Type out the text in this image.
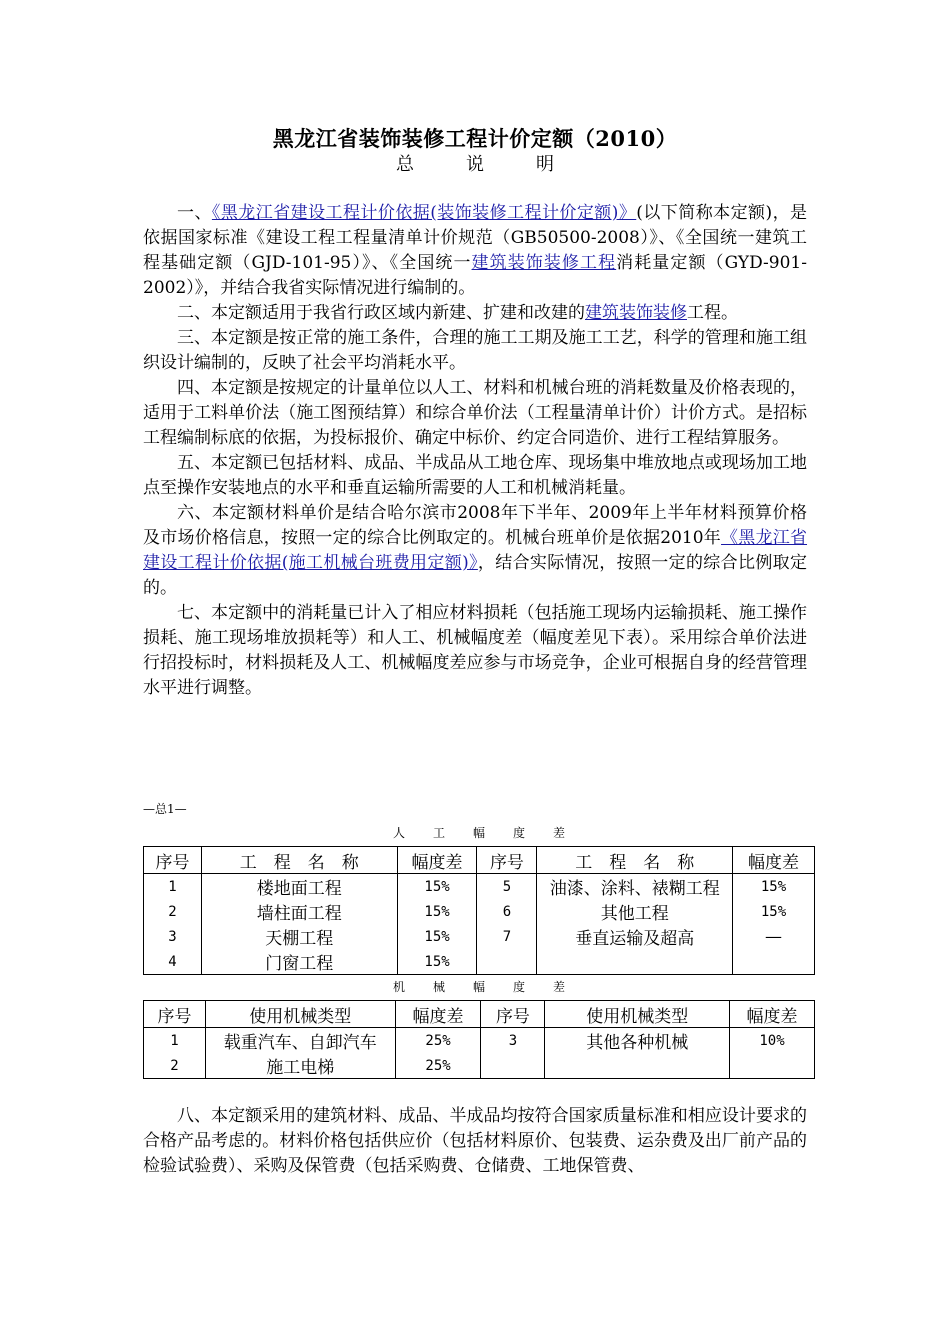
黑龙江省装饰装修工程计价定额（2010）
总说明

一、《黑龙江省建设工程计价依据(装饰装修工程计价定额)》(以下简称本定额)，是依据国家标准《建设工程工程量清单计价规范（GB50500-2008）》、《全国统一建筑工程基础定额（GJD-101-95）》、《全国统一建筑装饰装修工程消耗量定额（GYD-901-2002）》，并结合我省实际情况进行编制的。

二、本定额适用于我省行政区域内新建、扩建和改建的建筑装饰装修工程。

三、本定额是按正常的施工条件，合理的施工工期及施工工艺，科学的管理和施工组织设计编制的，反映了社会平均消耗水平。

四、本定额是按规定的计量单位以人工、材料和机械台班的消耗数量及价格表现的，适用于工料单价法（施工图预结算）和综合单价法（工程量清单计价）计价方式。是招标工程编制标底的依据，为投标报价、确定中标价、约定合同造价、进行工程结算服务。

五、本定额已包括材料、成品、半成品从工地仓库、现场集中堆放地点或现场加工地点至操作安装地点的水平和垂直运输所需要的人工和机械消耗量。

六、本定额材料单价是结合哈尔滨市2008年下半年、2009年上半年材料预算价格及市场价格信息，按照一定的综合比例取定的。机械台班单价是依据2010年《黑龙江省建设工程计价依据(施工机械台班费用定额)》，结合实际情况，按照一定的综合比例取定的。

七、本定额中的消耗量已计入了相应材料损耗（包括施工现场内运输损耗、施工操作损耗、施工现场堆放损耗等）和人工、机械幅度差（幅度差见下表）。采用综合单价法进行招投标时，材料损耗及人工、机械幅度差应参与市场竞争，企业可根据自身的经营管理水平进行调整。

—总1—
人工幅度差
序号	工　程　名　称	幅度差	序号	工　程　名　称	幅度差
1	楼地面工程	15%	5	油漆、涂料、裱糊工程	15%
2	墙柱面工程	15%	6	其他工程	15%
3	天棚工程	15%	7	垂直运输及超高	—
4	门窗工程	15%			
机械幅度差
序号	使用机械类型	幅度差	序号	使用机械类型	幅度差
1	载重汽车、自卸汽车	25%	3	其他各种机械	10%
2	施工电梯	25%			

八、本定额采用的建筑材料、成品、半成品均按符合国家质量标准和相应设计要求的合格产品考虑的。材料价格包括供应价（包括材料原价、包装费、运杂费及出厂前产品的检验试验费）、采购及保管费（包括采购费、仓储费、工地保管费、
